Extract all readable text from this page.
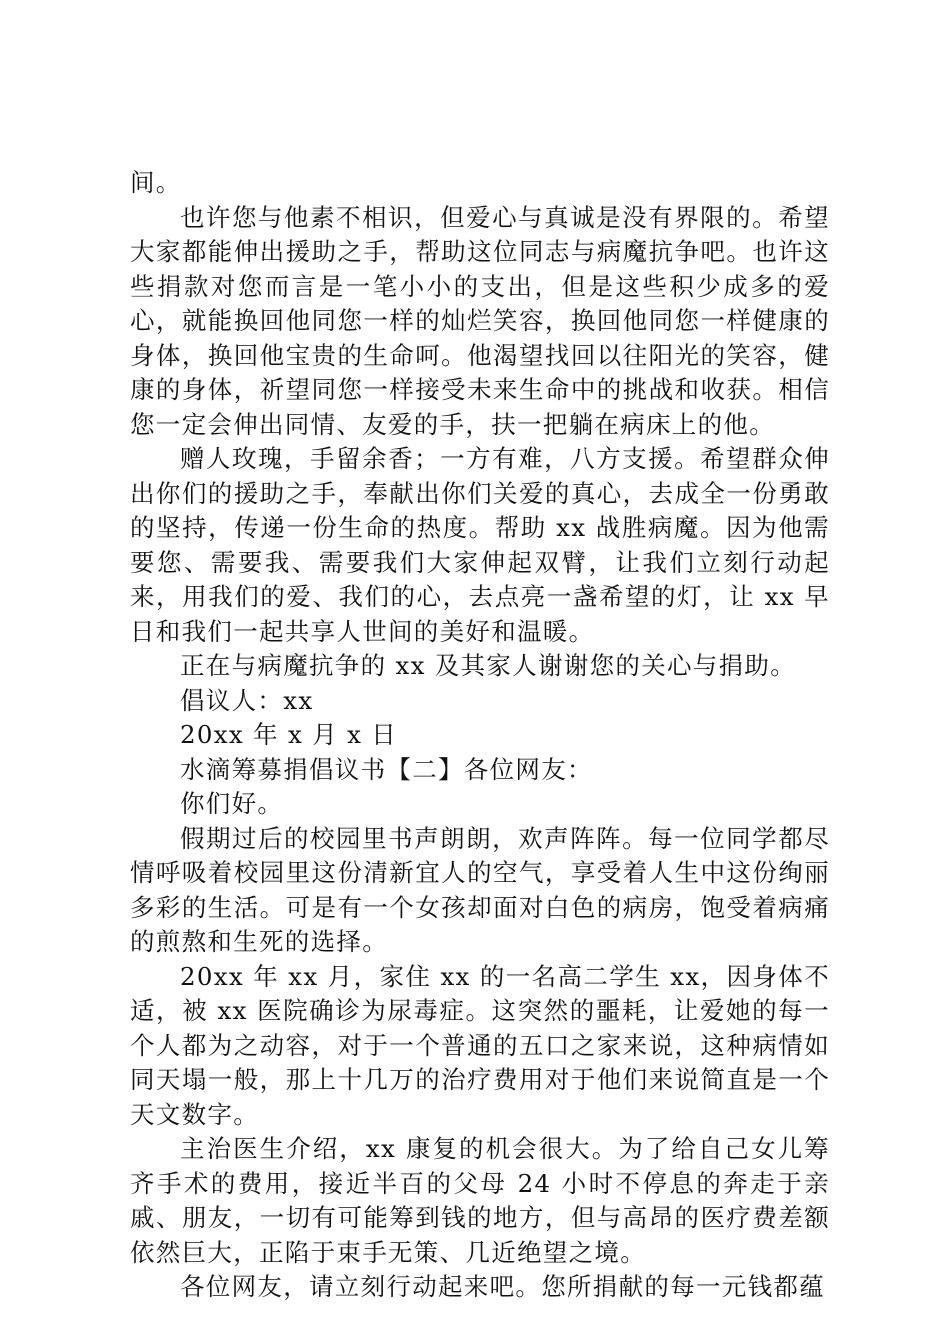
间。

也许您与他素不相识，但爱心与真诚是没有界限的。希望大家都能伸出援助之手，帮助这位同志与病魔抗争吧。也许这些捐款对您而言是一笔小小的支出，但是这些积少成多的爱心，就能换回他同您一样的灿烂笑容，换回他同您一样健康的身体，换回他宝贵的生命呵。他渴望找回以往阳光的笑容，健康的身体，祈望同您一样接受未来生命中的挑战和收获。相信您一定会伸出同情、友爱的手，扶一把躺在病床上的他。

赠人玫瑰，手留余香；一方有难，八方支援。希望群众伸出你们的援助之手，奉献出你们关爱的真心，去成全一份勇敢的坚持，传递一份生命的热度。帮助 xx 战胜病魔。因为他需要您、需要我、需要我们大家伸起双臂，让我们立刻行动起来，用我们的爱、我们的心，去点亮一盏希望的灯，让 xx 早日和我们一起共享人世间的美好和温暖。

正在与病魔抗争的 xx 及其家人谢谢您的关心与捐助。

倡议人：xx

20xx 年 x 月 x 日

水滴筹募捐倡议书【二】各位网友：

你们好。

假期过后的校园里书声朗朗，欢声阵阵。每一位同学都尽情呼吸着校园里这份清新宜人的空气，享受着人生中这份绚丽多彩的生活。可是有一个女孩却面对白色的病房，饱受着病痛的煎熬和生死的选择。

20xx 年 xx 月，家住 xx 的一名高二学生 xx，因身体不适，被 xx 医院确诊为尿毒症。这突然的噩耗，让爱她的每一个人都为之动容，对于一个普通的五口之家来说，这种病情如同天塌一般，那上十几万的治疗费用对于他们来说简直是一个天文数字。

主治医生介绍，xx 康复的机会很大。为了给自己女儿筹齐手术的费用，接近半百的父母 24 小时不停息的奔走于亲戚、朋友，一切有可能筹到钱的地方，但与高昂的医疗费差额依然巨大，正陷于束手无策、几近绝望之境。

各位网友，请立刻行动起来吧。您所捐献的每一元钱都蕴
